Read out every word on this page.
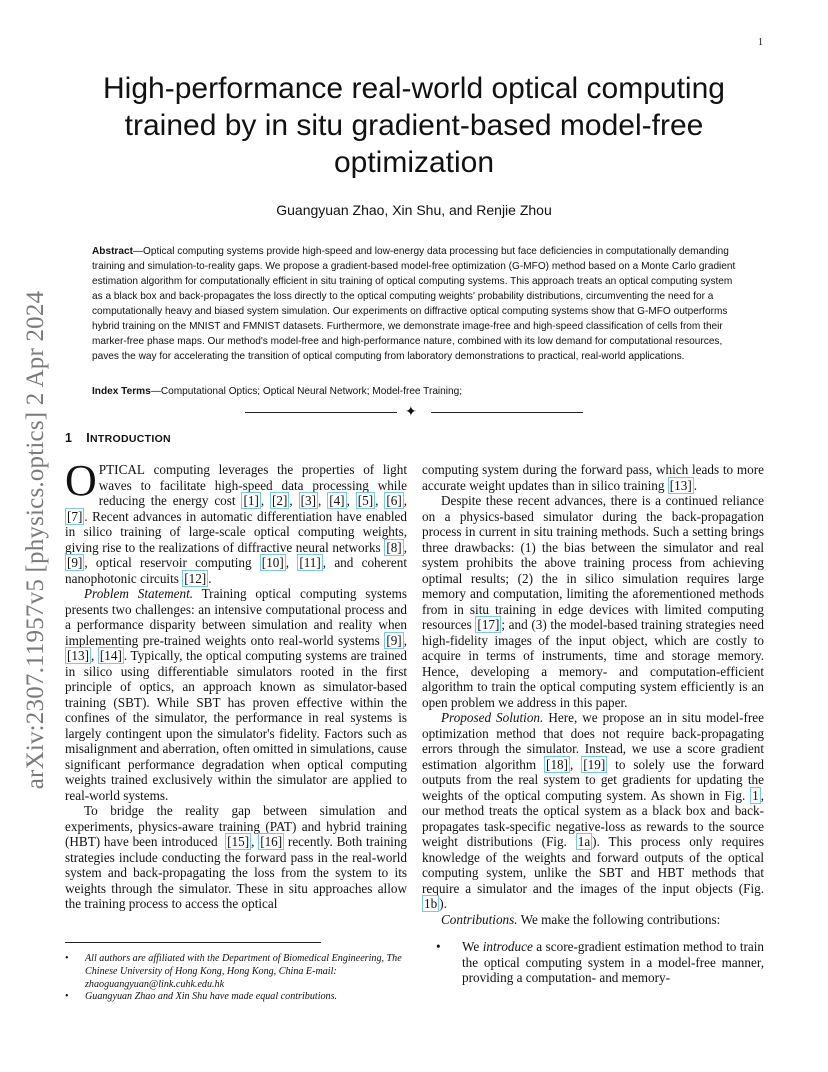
1
arXiv:2307.11957v5 [physics.optics] 2 Apr 2024
High-performance real-world optical computing
trained by in situ gradient-based model-free
optimization
Guangyuan Zhao, Xin Shu, and Renjie Zhou
Abstract—Optical computing systems provide high-speed and low-energy data processing but face deficiencies in computationally demanding training and simulation-to-reality gaps. We propose a gradient-based model-free optimization (G-MFO) method based on a Monte Carlo gradient estimation algorithm for computationally efficient in situ training of optical computing systems. This approach treats an optical computing system as a black box and back-propagates the loss directly to the optical computing weights' probability distributions, circumventing the need for a computationally heavy and biased system simulation. Our experiments on diffractive optical computing systems show that G-MFO outperforms hybrid training on the MNIST and FMNIST datasets. Furthermore, we demonstrate image-free and high-speed classification of cells from their marker-free phase maps. Our method's model-free and high-performance nature, combined with its low demand for computational resources, paves the way for accelerating the transition of optical computing from laboratory demonstrations to practical, real-world applications.
Index Terms—Computational Optics; Optical Neural Network; Model-free Training;
✦
1 INTRODUCTION

OPTICAL computing leverages the properties of light waves to facilitate high-speed data processing while reducing the energy cost [1] , [2] , [3] , [4] , [5] , [6] , [7] . Recent advances in automatic differentiation have enabled in silico training of large-scale optical computing weights, giving rise to the realizations of diffractive neural networks [8] , [9] , optical reservoir computing [10] , [11] , and coherent nanophotonic circuits [12] .

Problem Statement. Training optical computing systems presents two challenges: an intensive computational process and a performance disparity between simulation and reality when implementing pre-trained weights onto real-world systems [9] , [13] , [14] . Typically, the optical computing systems are trained in silico using differentiable simulators rooted in the first principle of optics, an approach known as simulator-based training (SBT). While SBT has proven effective within the confines of the simulator, the performance in real systems is largely contingent upon the simulator's fidelity. Factors such as misalignment and aberration, often omitted in simulations, cause significant performance degradation when optical computing weights trained exclusively within the simulator are applied to real-world systems.

To bridge the reality gap between simulation and experiments, physics-aware training (PAT) and hybrid training (HBT) have been introduced  [15] , [16] recently. Both training strategies include conducting the forward pass in the real-world system and back-propagating the loss from the system to its weights through the simulator. These in situ approaches allow the training process to access the optical

computing system during the forward pass, which leads to more accurate weight updates than in silico training [13] .

Despite these recent advances, there is a continued reliance on a physics-based simulator during the back-propagation process in current in situ training methods. Such a setting brings three drawbacks: (1) the bias between the simulator and real system prohibits the above training process from achieving optimal results; (2) the in silico simulation requires large memory and computation, limiting the aforementioned methods from in situ training in edge devices with limited computing resources [17] ; and (3) the model-based training strategies need high-fidelity images of the input object, which are costly to acquire in terms of instruments, time and storage memory. Hence, developing a memory- and computation-efficient algorithm to train the optical computing system efficiently is an open problem we address in this paper.

Proposed Solution. Here, we propose an in situ model-free optimization method that does not require back-propagating errors through the simulator. Instead, we use a score gradient estimation algorithm [18] , [19] to solely use the forward outputs from the real system to get gradients for updating the weights of the optical computing system. As shown in Fig. 1 , our method treats the optical system as a black box and back-propagates task-specific negative-loss as rewards to the source weight distributions (Fig. 1a ). This process only requires knowledge of the weights and forward outputs of the optical computing system, unlike the SBT and HBT methods that require a simulator and the images of the input objects (Fig. 1b ).

Contributions. We make the following contributions:

• We introduce a score-gradient estimation method to train the optical computing system in a model-free manner, providing a computation- and memory-
• All authors are affiliated with the Department of Biomedical Engineering, The Chinese University of Hong Kong, Hong Kong, China E-mail: zhaoguangyuan@link.cuhk.edu.hk
• Guangyuan Zhao and Xin Shu have made equal contributions.
